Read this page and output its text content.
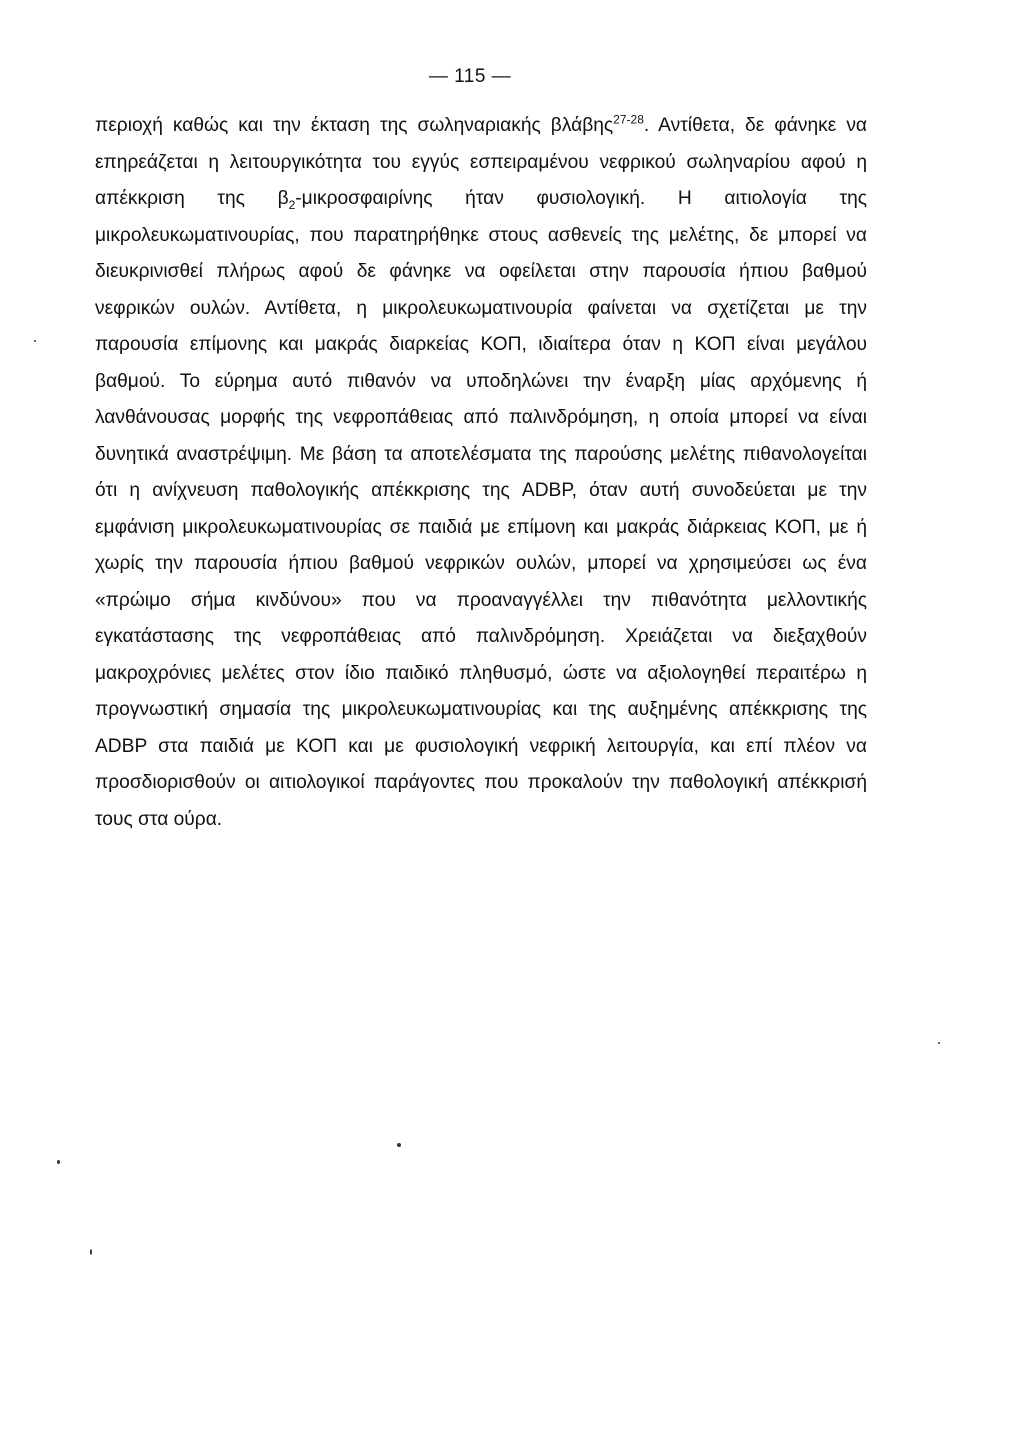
— 115 —

περιοχή καθώς και την έκταση της σωληναριακής βλάβης$^{27-28}$. Αντίθετα, δε φάνηκε να επηρεάζεται η λειτουργικότητα του εγγύς εσπειραμένου νεφρικού σωληναρίου αφού η απέκκριση της $\beta_2$-μικροσφαιρίνης ήταν φυσιολογική. Η αιτιολογία της μικρολευκωματινουρίας, που παρατηρήθηκε στους ασθενείς της μελέτης, δε μπορεί να διευκρινισθεί πλήρως αφού δε φάνηκε να οφείλεται στην παρουσία ήπιου βαθμού νεφρικών ουλών. Αντίθετα, η μικρολευκωματινουρία φαίνεται να σχετίζεται με την παρουσία επίμονης και μακράς διαρκείας ΚΟΠ, ιδιαίτερα όταν η ΚΟΠ είναι μεγάλου βαθμού. Το εύρημα αυτό πιθανόν να υποδηλώνει την έναρξη μίας αρχόμενης ή λανθάνουσας μορφής της νεφροπάθειας από παλινδρόμηση, η οποία μπορεί να είναι δυνητικά αναστρέψιμη. Με βάση τα αποτελέσματα της παρούσης μελέτης πιθανολογείται ότι η ανίχνευση παθολογικής απέκκρισης της ADBP, όταν αυτή συνοδεύεται με την εμφάνιση μικρολευκωματινουρίας σε παιδιά με επίμονη και μακράς διάρκειας ΚΟΠ, με ή χωρίς την παρουσία ήπιου βαθμού νεφρικών ουλών, μπορεί να χρησιμεύσει ως ένα «πρώιμο σήμα κινδύνου» που να προαναγγέλλει την πιθανότητα μελλοντικής εγκατάστασης της νεφροπάθειας από παλινδρόμηση. Χρειάζεται να διεξαχθούν μακροχρόνιες μελέτες στον ίδιο παιδικό πληθυσμό, ώστε να αξιολογηθεί περαιτέρω η προγνωστική σημασία της μικρολευκωματινουρίας και της αυξημένης απέκκρισης της ADBP στα παιδιά με ΚΟΠ και με φυσιολογική νεφρική λειτουργία, και επί πλέον να προσδιορισθούν οι αιτιολογικοί παράγοντες που προκαλούν την παθολογική απέκκρισή τους στα ούρα.
